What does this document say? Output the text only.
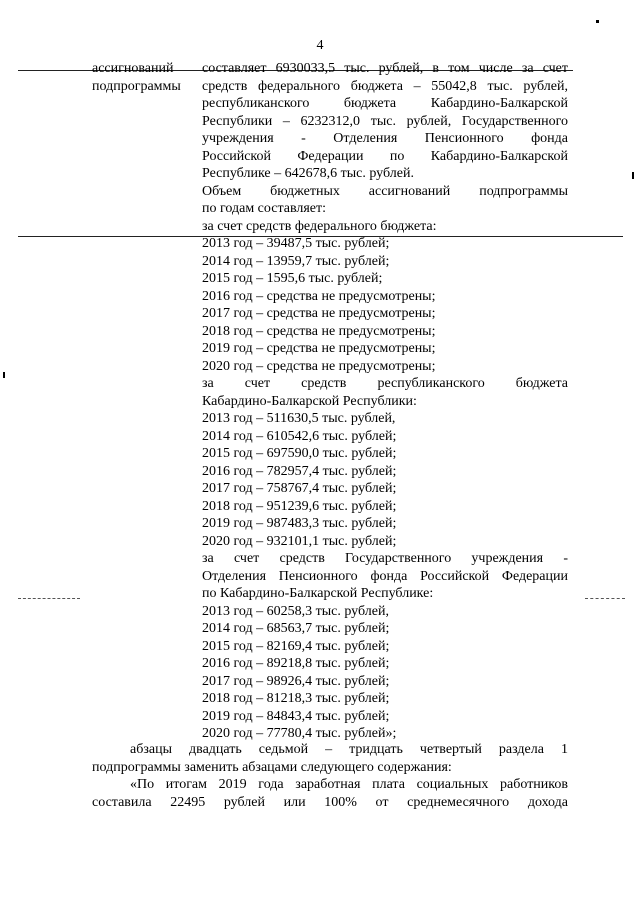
4
ассигнований
подпрограммы
составляет 6930033,5 тыс. рублей, в том числе за счет
средств федерального бюджета – 55042,8 тыс. рублей,
республиканского бюджета Кабардино-Балкарской
Республики – 6232312,0 тыс. рублей, Государственного
учреждения - Отделения Пенсионного фонда
Российской Федерации по Кабардино-Балкарской
Республике – 642678,6 тыс. рублей.
Объем бюджетных ассигнований подпрограммы
по годам составляет:
за счет средств федерального бюджета:
2013 год – 39487,5 тыс. рублей;
2014 год – 13959,7 тыс. рублей;
2015 год – 1595,6 тыс. рублей;
2016 год – средства не предусмотрены;
2017 год – средства не предусмотрены;
2018 год – средства не предусмотрены;
2019 год – средства не предусмотрены;
2020 год – средства не предусмотрены;
за счет средств республиканского бюджета
Кабардино-Балкарской Республики:
2013 год – 511630,5 тыс. рублей,
2014 год – 610542,6 тыс. рублей;
2015 год – 697590,0 тыс. рублей;
2016 год – 782957,4 тыс. рублей;
2017 год – 758767,4 тыс. рублей;
2018 год – 951239,6 тыс. рублей;
2019 год – 987483,3 тыс. рублей;
2020 год – 932101,1 тыс. рублей;
за счет средств Государственного учреждения -
Отделения Пенсионного фонда Российской Федерации
по Кабардино-Балкарской Республике:
2013 год – 60258,3 тыс. рублей,
2014 год – 68563,7 тыс. рублей;
2015 год – 82169,4 тыс. рублей;
2016 год – 89218,8 тыс. рублей;
2017 год – 98926,4 тыс. рублей;
2018 год – 81218,3 тыс. рублей;
2019 год – 84843,4 тыс. рублей;
2020 год – 77780,4 тыс. рублей»;
абзацы двадцать седьмой – тридцать четвертый раздела 1
подпрограммы заменить абзацами следующего содержания:
«По итогам 2019 года заработная плата социальных работников
составила 22495 рублей или 100% от среднемесячного дохода
